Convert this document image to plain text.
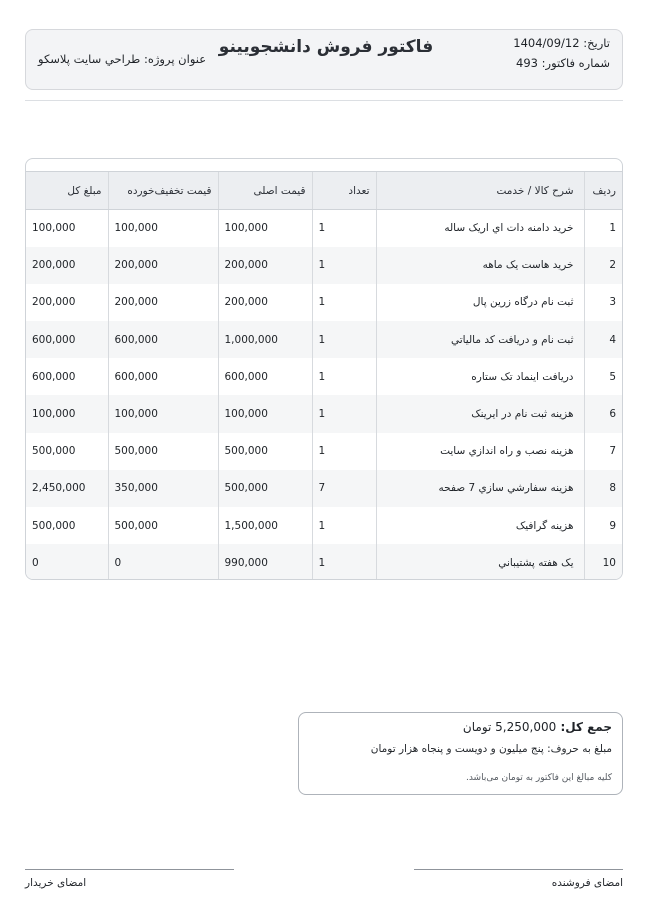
تاریخ: 1404/09/12
شماره فاکتور: 493
فاکتور فروش دانشجویینو
عنوان پروژه: طراحي سايت پلاسکو
ردیف	شرح کالا / خدمت	تعداد	قیمت اصلی	قیمت تخفیف‌خورده	مبلغ کل
1	خريد دامنه دات اي اريک ساله	1	100,000	100,000	100,000
2	خريد هاست يک ماهه	1	200,000	200,000	200,000
3	ثبت نام درگاه زرين پال	1	200,000	200,000	200,000
4	ثبت نام و دريافت کد مالياتي	1	1,000,000	600,000	600,000
5	دريافت اينماد تک ستاره	1	600,000	600,000	600,000
6	هزينه ثبت نام در ايرينک	1	100,000	100,000	100,000
7	هزينه نصب و راه اندازي سايت	1	500,000	500,000	500,000
8	هزينه سفارشي سازي 7 صفحه	7	500,000	350,000	2,450,000
9	هزينه گرافيک	1	1,500,000	500,000	500,000
10	يک هفته پشتيباني	1	990,000	0	0
جمع کل: 5,250,000 تومان
مبلغ به حروف: پنج میلیون و دویست و پنجاه هزار تومان
کلیه مبالغ این فاکتور به تومان می‌باشد.
امضای فروشنده
امضای خریدار
